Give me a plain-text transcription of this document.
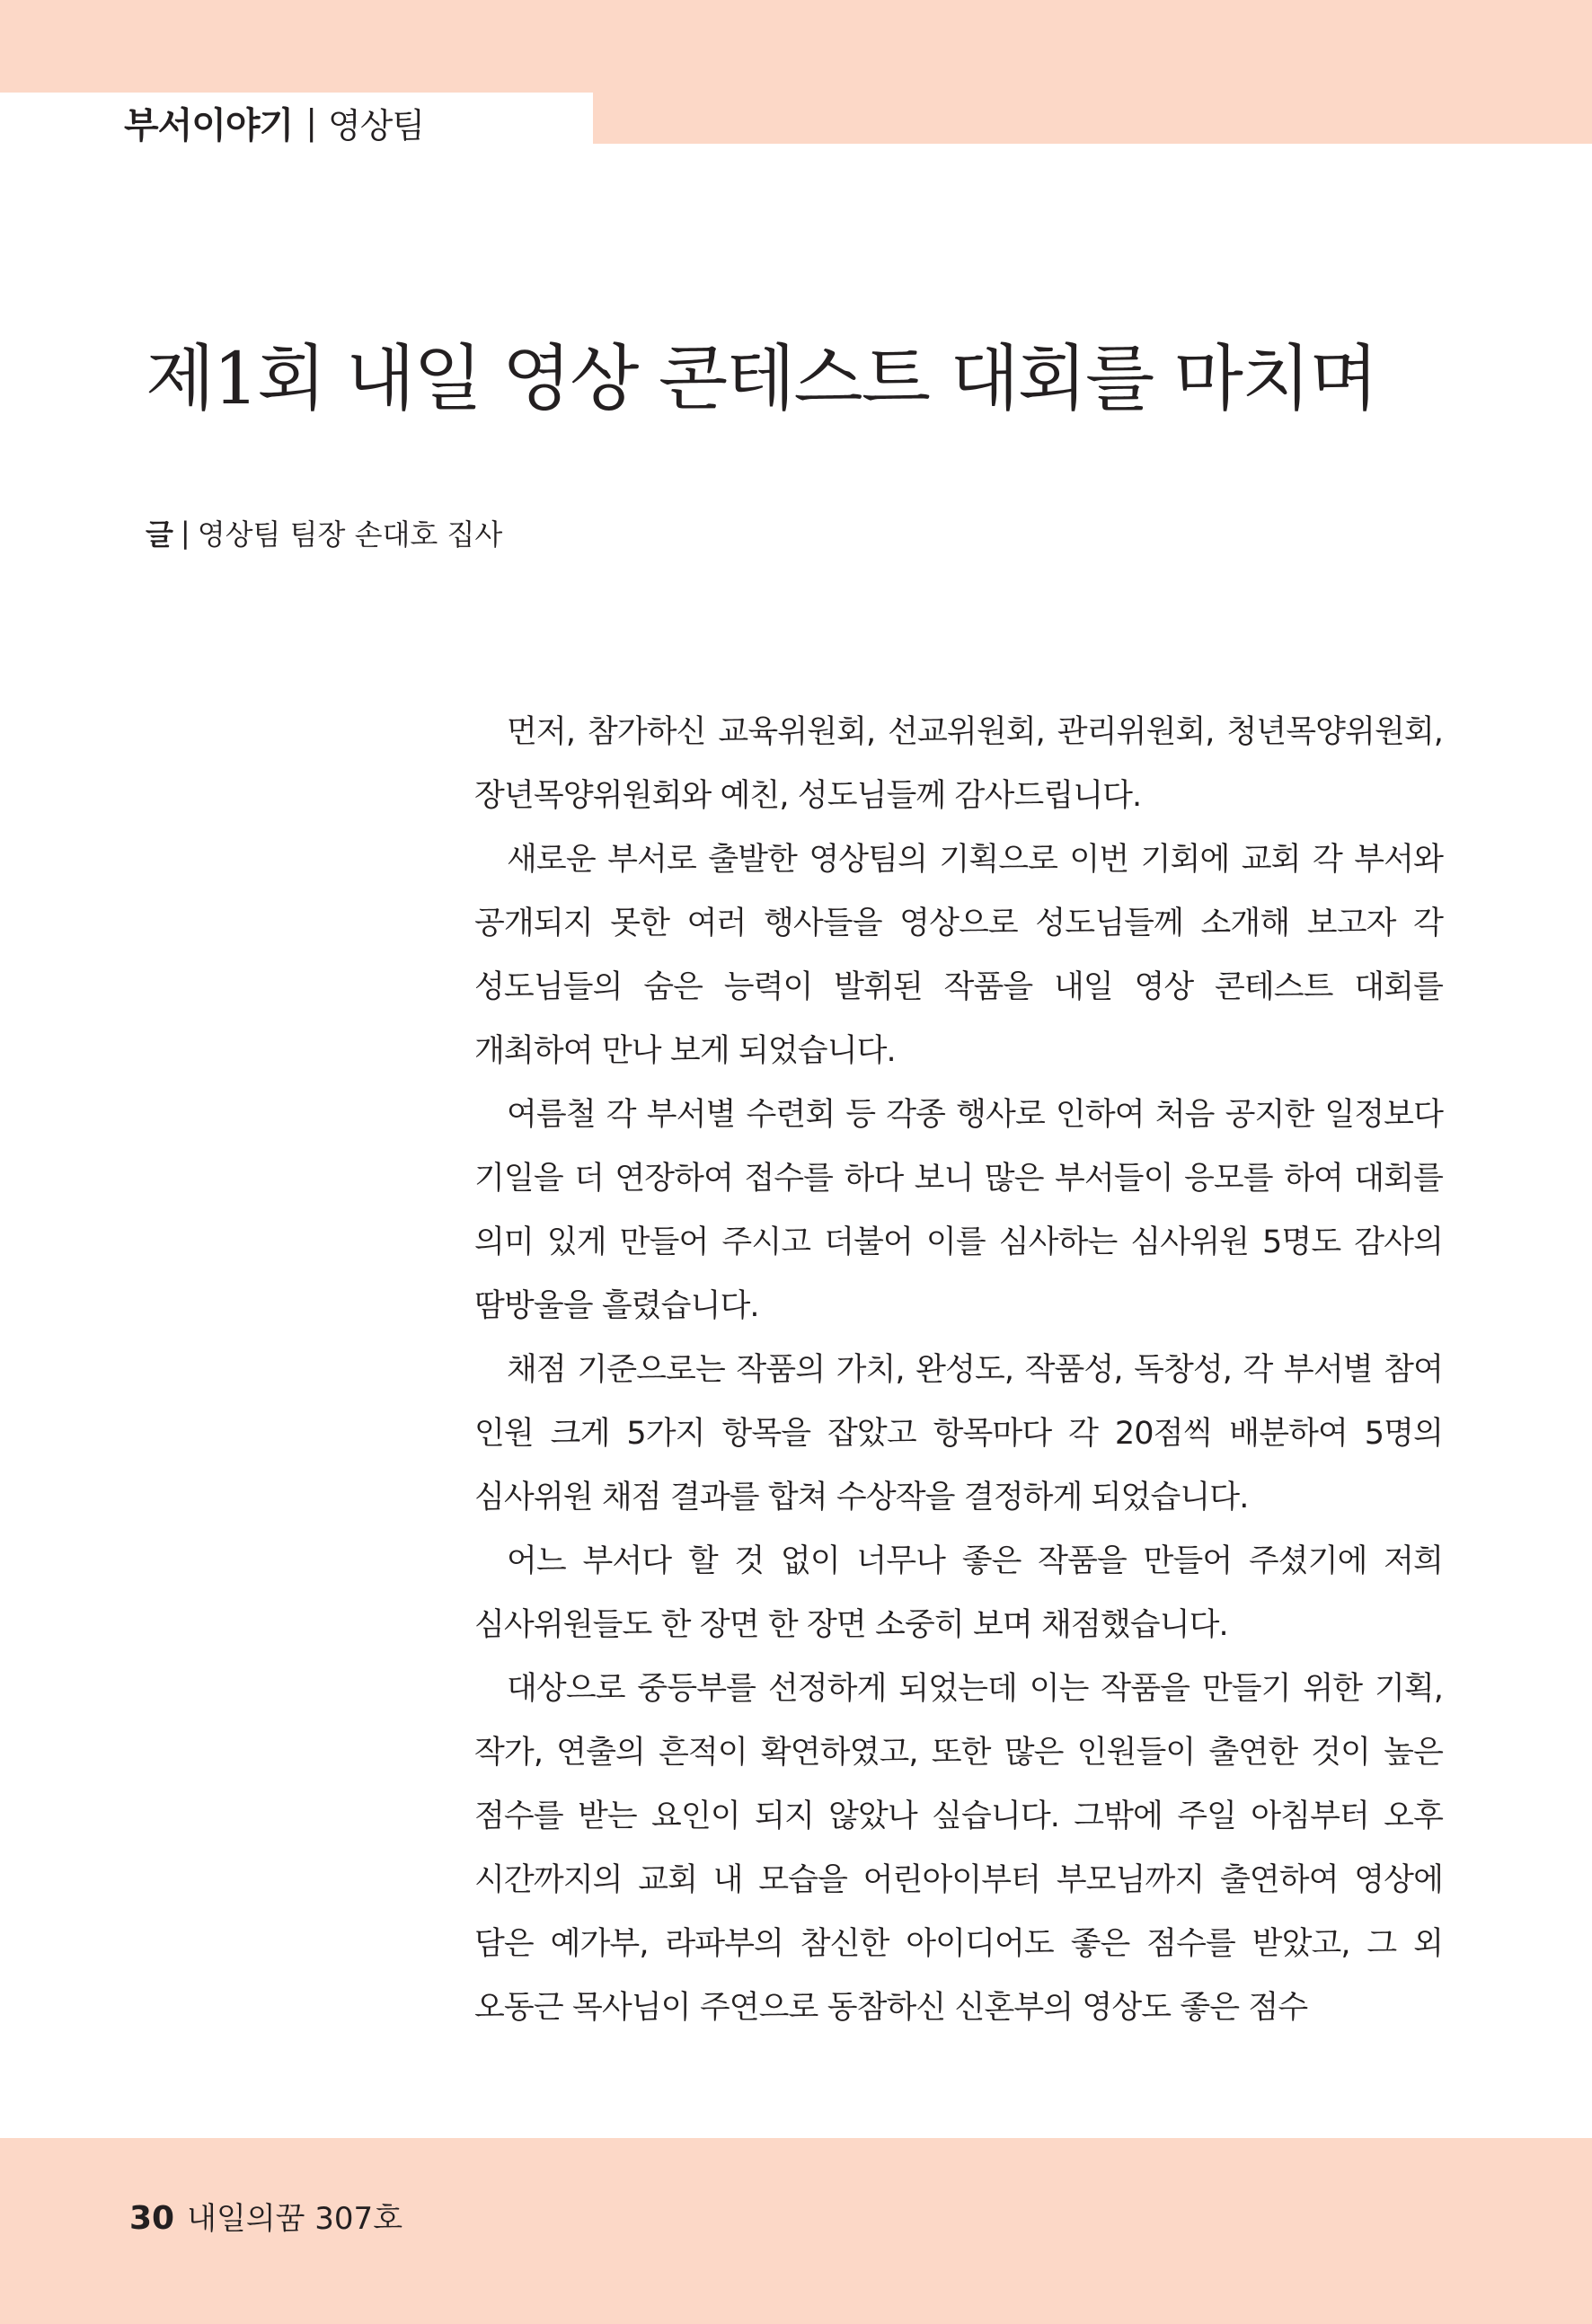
부서이야기 | 영상팀
제1회 내일 영상 콘테스트 대회를 마치며
글 | 영상팀 팀장 손대호 집사

먼저, 참가하신 교육위원회, 선교위원회, 관리위원회, 청년목양위원회, 장년목양위원회와 예친, 성도님들께 감사드립니다.

새로운 부서로 출발한 영상팀의 기획으로 이번 기회에 교회 각 부서와 공개되지 못한 여러 행사들을 영상으로 성도님들께 소개해 보고자 각 성도님들의 숨은 능력이 발휘된 작품을 내일 영상 콘테스트 대회를 개최하여 만나 보게 되었습니다.

여름철 각 부서별 수련회 등 각종 행사로 인하여 처음 공지한 일정보다 기일을 더 연장하여 접수를 하다 보니 많은 부서들이 응모를 하여 대회를 의미 있게 만들어 주시고 더불어 이를 심사하는 심사위원 5명도 감사의 땀방울을 흘렸습니다.

채점 기준으로는 작품의 가치, 완성도, 작품성, 독창성, 각 부서별 참여 인원 크게 5가지 항목을 잡았고 항목마다 각 20점씩 배분하여 5명의 심사위원 채점 결과를 합쳐 수상작을 결정하게 되었습니다.

어느 부서다 할 것 없이 너무나 좋은 작품을 만들어 주셨기에 저희 심사위원들도 한 장면 한 장면 소중히 보며 채점했습니다.

대상으로 중등부를 선정하게 되었는데 이는 작품을 만들기 위한 기획, 작가, 연출의 흔적이 확연하였고, 또한 많은 인원들이 출연한 것이 높은 점수를 받는 요인이 되지 않았나 싶습니다. 그밖에 주일 아침부터 오후 시간까지의 교회 내 모습을 어린아이부터 부모님까지 출연하여 영상에 담은 예가부, 라파부의 참신한 아이디어도 좋은 점수를 받았고, 그 외 오동근 목사님이 주연으로 동참하신 신혼부의 영상도 좋은 점수

30 내일의꿈 307호
